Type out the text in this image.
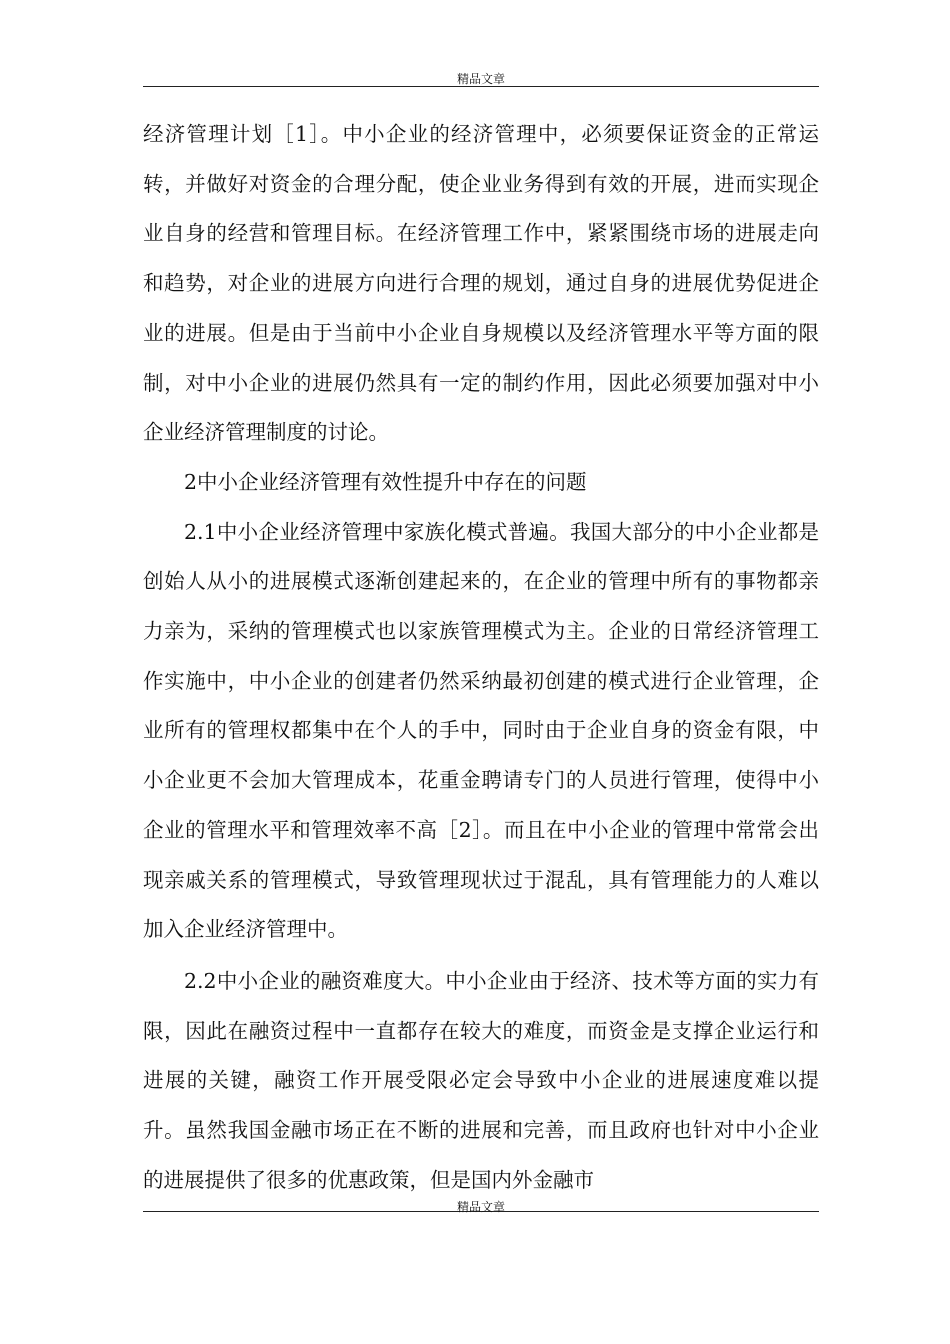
精品文章

经济管理计划［1］。中小企业的经济管理中，必须要保证资金的正常运转，并做好对资金的合理分配，使企业业务得到有效的开展，进而实现企业自身的经营和管理目标。在经济管理工作中，紧紧围绕市场的进展走向和趋势，对企业的进展方向进行合理的规划，通过自身的进展优势促进企业的进展。但是由于当前中小企业自身规模以及经济管理水平等方面的限制，对中小企业的进展仍然具有一定的制约作用，因此必须要加强对中小企业经济管理制度的讨论。

2中小企业经济管理有效性提升中存在的问题

2.1中小企业经济管理中家族化模式普遍。我国大部分的中小企业都是创始人从小的进展模式逐渐创建起来的，在企业的管理中所有的事物都亲力亲为，采纳的管理模式也以家族管理模式为主。企业的日常经济管理工作实施中，中小企业的创建者仍然采纳最初创建的模式进行企业管理，企业所有的管理权都集中在个人的手中，同时由于企业自身的资金有限，中小企业更不会加大管理成本，花重金聘请专门的人员进行管理，使得中小企业的管理水平和管理效率不高［2］。而且在中小企业的管理中常常会出现亲戚关系的管理模式，导致管理现状过于混乱，具有管理能力的人难以加入企业经济管理中。

2.2中小企业的融资难度大。中小企业由于经济、技术等方面的实力有限，因此在融资过程中一直都存在较大的难度，而资金是支撑企业运行和进展的关键，融资工作开展受限必定会导致中小企业的进展速度难以提升。虽然我国金融市场正在不断的进展和完善，而且政府也针对中小企业的进展提供了很多的优惠政策，但是国内外金融市

精品文章
